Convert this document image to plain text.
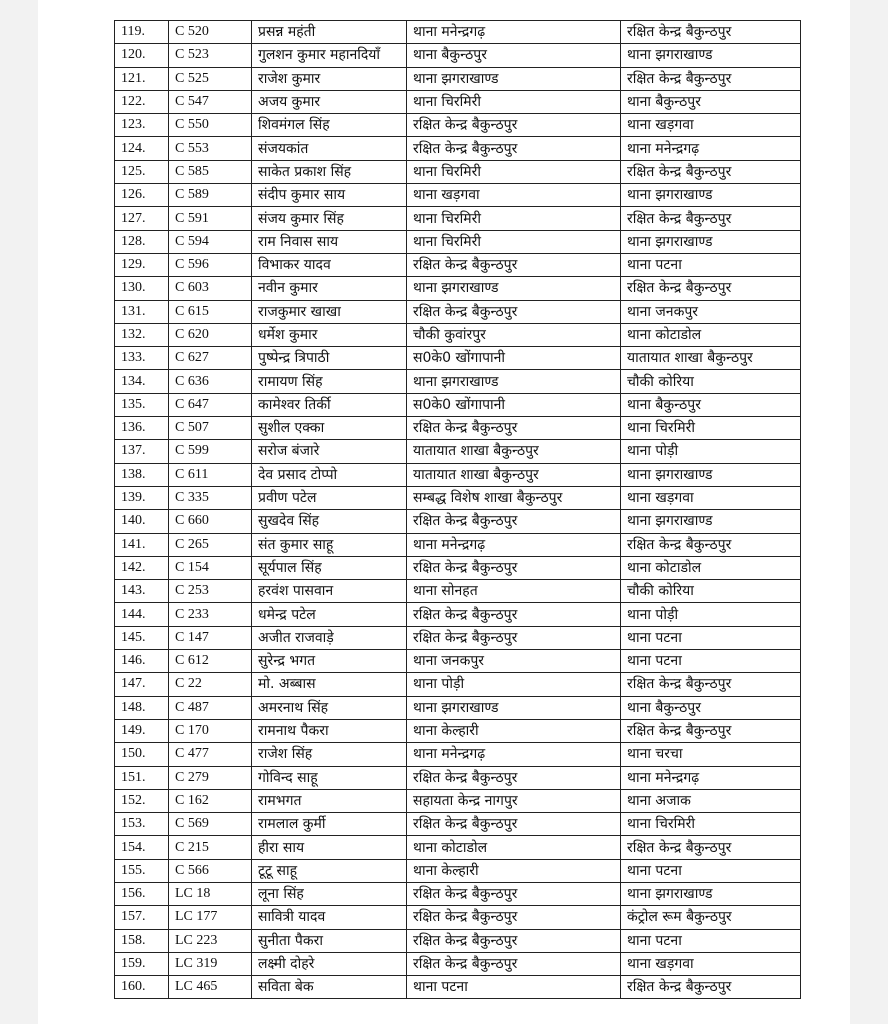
119.	C 520	प्रसन्न महंती	थाना मनेन्द्रगढ़	रक्षित केन्द्र बैकुन्ठपुर
120.	C 523	गुलशन कुमार महानदियाँ	थाना बैकुन्ठपुर	थाना झगराखाण्ड
121.	C 525	राजेश कुमार	थाना झगराखाण्ड	रक्षित केन्द्र बैकुन्ठपुर
122.	C 547	अजय कुमार	थाना चिरमिरी	थाना बैकुन्ठपुर
123.	C 550	शिवमंगल सिंह	रक्षित केन्द्र बैकुन्ठपुर	थाना खड़गवा
124.	C 553	संजयकांत	रक्षित केन्द्र बैकुन्ठपुर	थाना मनेन्द्रगढ़
125.	C 585	साकेत प्रकाश सिंह	थाना चिरमिरी	रक्षित केन्द्र बैकुन्ठपुर
126.	C 589	संदीप कुमार साय	थाना खड़गवा	थाना झगराखाण्ड
127.	C 591	संजय कुमार सिंह	थाना चिरमिरी	रक्षित केन्द्र बैकुन्ठपुर
128.	C 594	राम निवास साय	थाना चिरमिरी	थाना झगराखाण्ड
129.	C 596	विभाकर यादव	रक्षित केन्द्र बैकुन्ठपुर	थाना पटना
130.	C 603	नवीन कुमार	थाना झगराखाण्ड	रक्षित केन्द्र बैकुन्ठपुर
131.	C 615	राजकुमार खाखा	रक्षित केन्द्र बैकुन्ठपुर	थाना जनकपुर
132.	C 620	धर्मेश कुमार	चौकी कुवांरपुर	थाना कोटाडोल
133.	C 627	पुष्पेन्द्र त्रिपाठी	स0के0 खोंगापानी	यातायात शाखा बैकुन्ठपुर
134.	C 636	रामायण सिंह	थाना झगराखाण्ड	चौकी कोरिया
135.	C 647	कामेश्वर तिर्की	स0के0 खोंगापानी	थाना बैकुन्ठपुर
136.	C 507	सुशील एक्का	रक्षित केन्द्र बैकुन्ठपुर	थाना चिरमिरी
137.	C 599	सरोज बंजारे	यातायात शाखा बैकुन्ठपुर	थाना पोड़ी
138.	C 611	देव प्रसाद टोप्पो	यातायात शाखा बैकुन्ठपुर	थाना झगराखाण्ड
139.	C 335	प्रवीण पटेल	सम्बद्ध विशेष शाखा बैकुन्ठपुर	थाना खड़गवा
140.	C 660	सुखदेव सिंह	रक्षित केन्द्र बैकुन्ठपुर	थाना झगराखाण्ड
141.	C 265	संत कुमार साहू	थाना मनेन्द्रगढ़	रक्षित केन्द्र बैकुन्ठपुर
142.	C 154	सूर्यपाल सिंह	रक्षित केन्द्र बैकुन्ठपुर	थाना कोटाडोल
143.	C 253	हरवंश पासवान	थाना सोनहत	चौकी कोरिया
144.	C 233	धमेन्द्र पटेल	रक्षित केन्द्र बैकुन्ठपुर	थाना पोड़ी
145.	C 147	अजीत राजवाड़े	रक्षित केन्द्र बैकुन्ठपुर	थाना पटना
146.	C 612	सुरेन्द्र भगत	थाना जनकपुर	थाना पटना
147.	C 22	मो. अब्बास	थाना पोड़ी	रक्षित केन्द्र बैकुन्ठपुर
148.	C 487	अमरनाथ सिंह	थाना झगराखाण्ड	थाना बैकुन्ठपुर
149.	C 170	रामनाथ पैकरा	थाना केल्हारी	रक्षित केन्द्र बैकुन्ठपुर
150.	C 477	राजेश सिंह	थाना मनेन्द्रगढ़	थाना चरचा
151.	C 279	गोविन्द साहू	रक्षित केन्द्र बैकुन्ठपुर	थाना मनेन्द्रगढ़
152.	C 162	रामभगत	सहायता केन्द्र नागपुर	थाना अजाक
153.	C 569	रामलाल कुर्मी	रक्षित केन्द्र बैकुन्ठपुर	थाना चिरमिरी
154.	C 215	हीरा साय	थाना कोटाडोल	रक्षित केन्द्र बैकुन्ठपुर
155.	C 566	टूटू साहू	थाना केल्हारी	थाना पटना
156.	LC 18	लूना सिंह	रक्षित केन्द्र बैकुन्ठपुर	थाना झगराखाण्ड
157.	LC 177	सावित्री यादव	रक्षित केन्द्र बैकुन्ठपुर	कंट्रोल रूम बैकुन्ठपुर
158.	LC 223	सुनीता पैकरा	रक्षित केन्द्र बैकुन्ठपुर	थाना पटना
159.	LC 319	लक्ष्मी दोहरे	रक्षित केन्द्र बैकुन्ठपुर	थाना खड़गवा
160.	LC 465	सविता बेक	थाना पटना	रक्षित केन्द्र बैकुन्ठपुर
